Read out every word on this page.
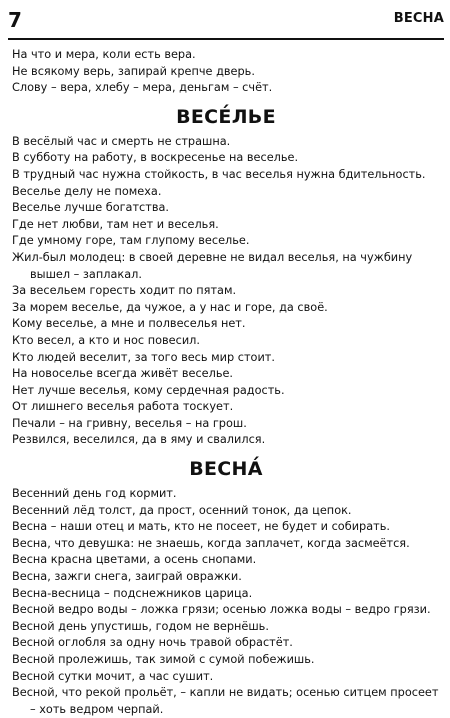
7	ВЕСНА
На что и мера, коли есть вера.
Не всякому верь, запирай крепче дверь.
Слову – вера, хлебу – мера, деньгам – счёт.
ВЕСЕ́ЛЬЕ
В весёлый час и смерть не страшна.
В субботу на работу, в воскресенье на веселье.
В трудный час нужна стойкость, в час веселья нужна бдительность.
Веселье делу не помеха.
Веселье лучше богатства.
Где нет любви, там нет и веселья.
Где умному горе, там глупому веселье.
Жил-был молодец: в своей деревне не видал веселья, на чужбину вышел – заплакал.
За весельем горесть ходит по пятам.
За морем веселье, да чужое, а у нас и горе, да своё.
Кому веселье, а мне и полвеселья нет.
Кто весел, а кто и нос повесил.
Кто людей веселит, за того весь мир стоит.
На новоселье всегда живёт веселье.
Нет лучше веселья, кому сердечная радость.
От лишнего веселья работа тоскует.
Печали – на гривну, веселья – на грош.
Резвился, веселился, да в яму и свалился.
ВЕСНА́
Весенний день год кормит.
Весенний лёд толст, да прост, осенний тонок, да цепок.
Весна – наши отец и мать, кто не посеет, не будет и собирать.
Весна, что девушка: не знаешь, когда заплачет, когда засмеётся.
Весна красна цветами, а осень снопами.
Весна, зажги снега, заиграй овражки.
Весна-весница – подснежников царица.
Весной ведро воды – ложка грязи; осенью ложка воды – ведро грязи.
Весной день упустишь, годом не вернёшь.
Весной оглобля за одну ночь травой обрастёт.
Весной пролежишь, так зимой с сумой побежишь.
Весной сутки мочит, а час сушит.
Весной, что рекой прольёт, – капли не видать; осенью ситцем просеет – хоть ведром черпай.
